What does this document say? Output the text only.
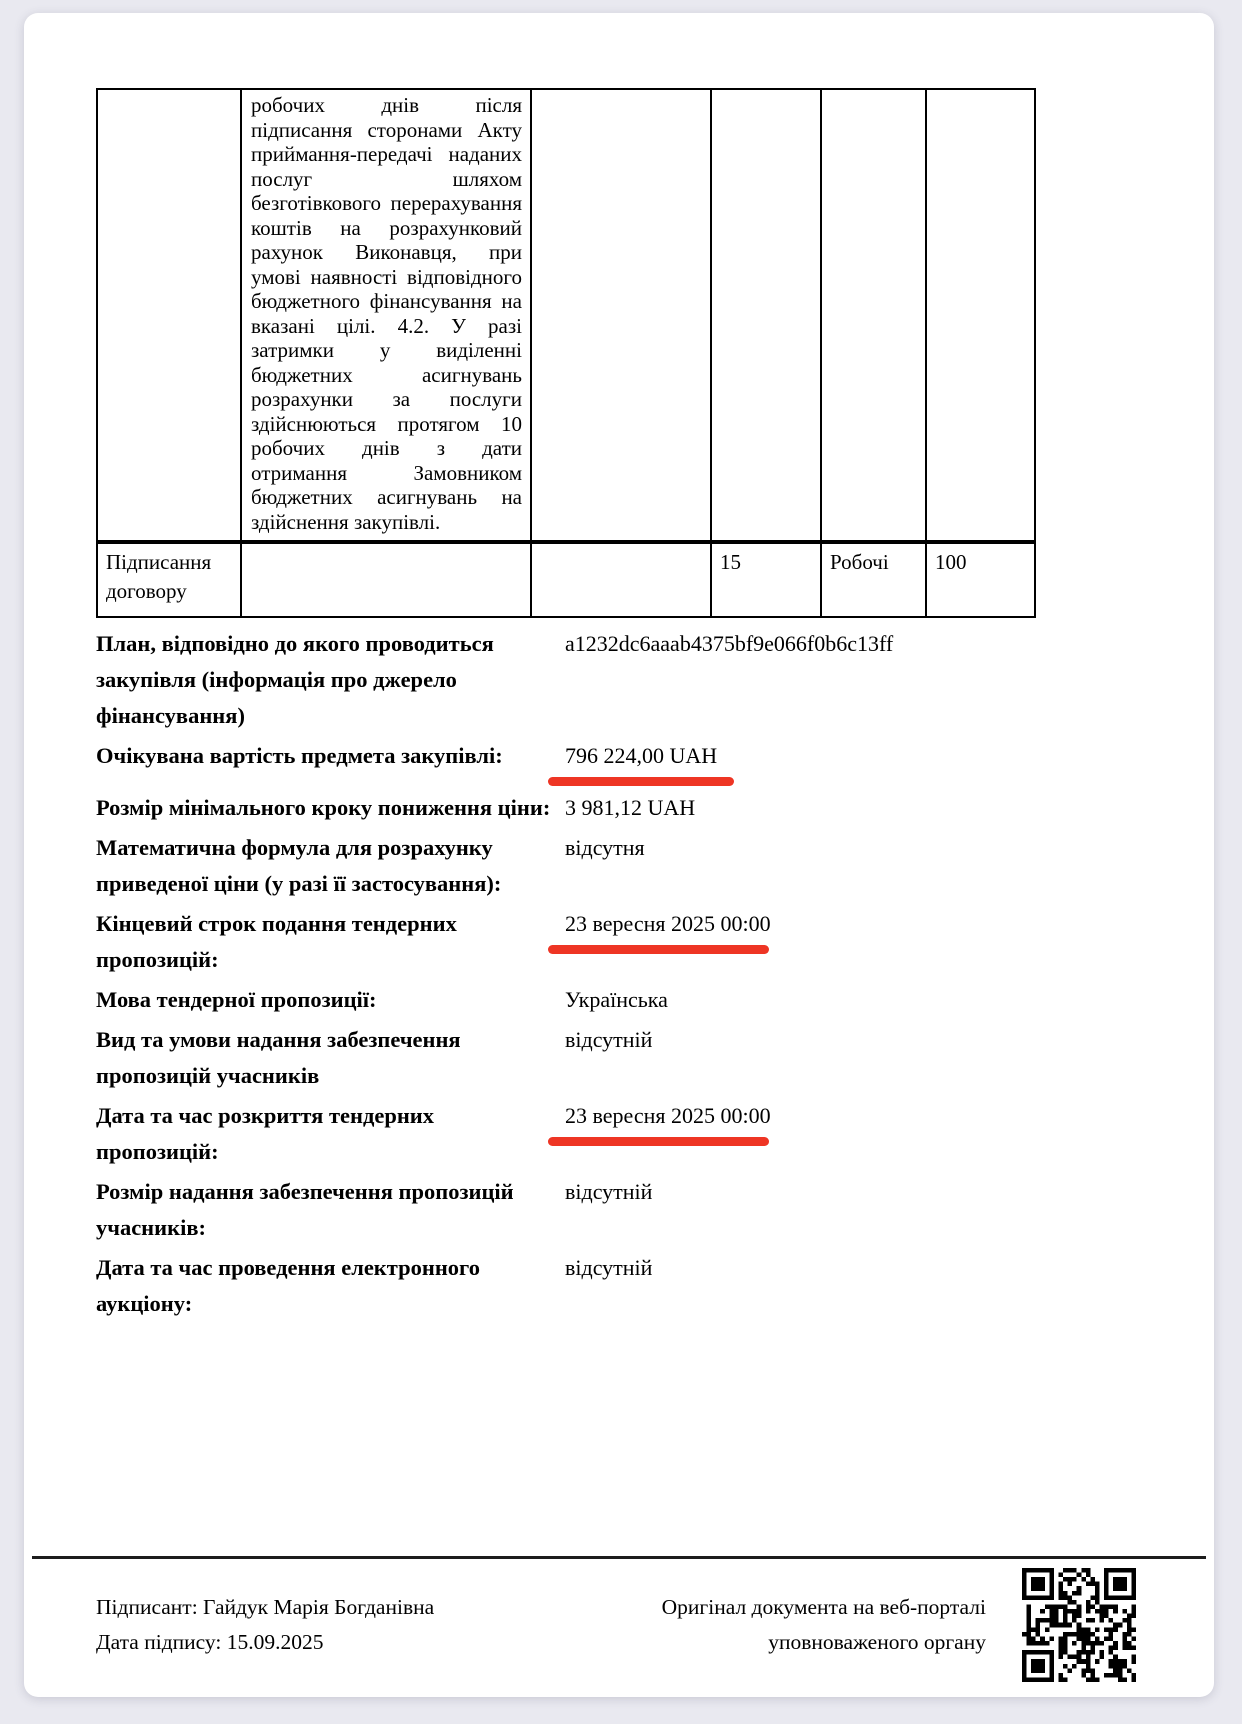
	робочих днів після підписання сторонами Акту приймання-передачі наданих послуг шляхом безготівкового перерахування коштів на розрахунковий рахунок Виконавця, при умові наявності відповідного бюджетного фінансування на вказані цілі. 4.2. У разі затримки у виділенні бюджетних асигнувань розрахунки за послуги здійснюються протягом 10 робочих днів з дати отримання Замовником бюджетних асигнувань на здійснення закупівлі.				
Підписання договору			15	Робочі	100
План, відповідно до якого проводиться закупівля (інформація про джерело фінансування)
a1232dc6aaab4375bf9e066f0b6c13ff
Очікувана вартість предмета закупівлі:	796 224,00 UAH
Розмір мінімального кроку пониження ціни: 3 981,12 UAH
Математична формула для розрахунку приведеної ціни (у разі її застосування):
відсутня
Кінцевий строк подання тендерних пропозицій:
23 вересня 2025 00:00
Мова тендерної пропозиції:	Українська
Вид та умови надання забезпечення пропозицій учасників
відсутній
Дата та час розкриття тендерних пропозицій:
23 вересня 2025 00:00
Розмір надання забезпечення пропозицій учасників:
відсутній
Дата та час проведення електронного аукціону:
відсутній
Підписант: Гайдук Марія Богданівна
Дата підпису: 15.09.2025
Оригінал документа на веб-порталі
уповноваженого органу
